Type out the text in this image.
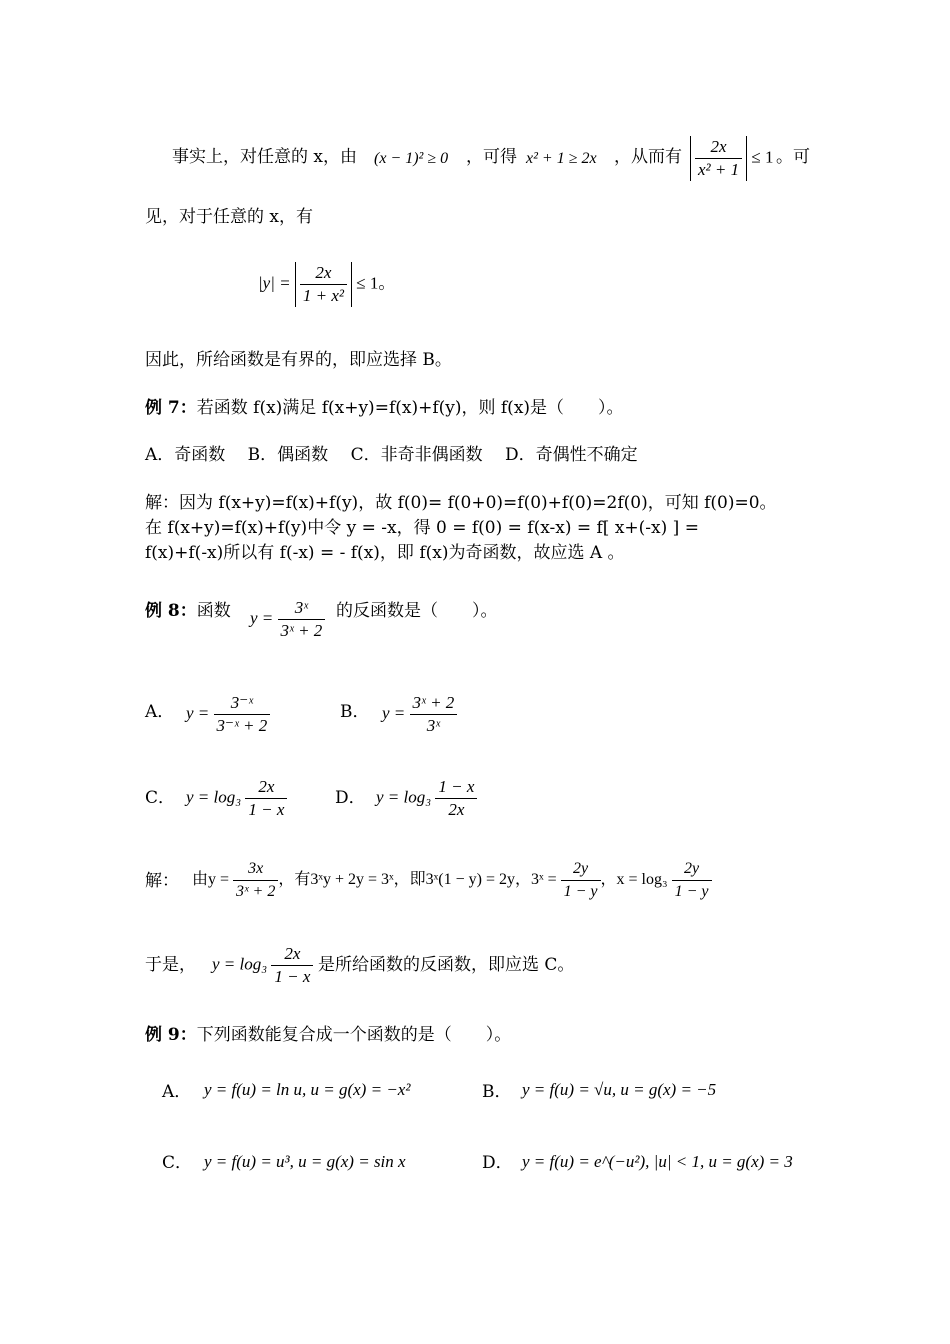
事实上，对任意的 x，由 (x − 1)² ≥ 0 ，可得 x² + 1 ≥ 2x ，从而有 $\frac{2x}{\text{x² + 1}} \le 1$ 。可
见，对于任意的 x，有
$|y| = \frac{2x}{\text{1 + x²}} \le 1$。
因此，所给函数是有界的，即应选择 B。
例 7：若函数 f(x)满足 f(x+y)=f(x)+f(y)，则 f(x)是（　　）。
A．奇函数　 B．偶函数　 C．非奇非偶函数　 D．奇偶性不确定
解：因为 f(x+y)=f(x)+f(y)，故 f(0)= f(0+0)=f(0)+f(0)=2f(0)，可知 f(0)=0。
在 f(x+y)=f(x)+f(y)中令 y = -x，得 0 = f(0) = f(x-x) = f[ x+(-x) ] =
f(x)+f(-x)所以有 f(-x) = - f(x)，即 f(x)为奇函数，故应选 A 。
例 8：函数 $y = \frac{\text{3ˣ}}{\text{3ˣ + 2}}$ 的反函数是（　　）。
A． $y = \frac{\text{3⁻ˣ}}{\text{3⁻ˣ + 2}}$	B． $y = \frac{\text{3ˣ + 2}}{\text{3ˣ}}$
C． $y = \log_3 \frac{2x}{1 - x}$	D． $y = \log_3 \frac{1 - x}{2x}$
解： 由$y = \frac{3x}{\text{3ˣ + 2}}$ ，有3ˣy + 2y = 3ˣ，即3ˣ(1 − y) = 2y，3ˣ = $\frac{2y}{1 - y}$ ，$x = \log_3 \frac{2y}{1 - y}$
于是， $y = \log_3 \frac{2x}{1 - x}$ 是所给函数的反函数，即应选 C。
例 9：下列函数能复合成一个函数的是（　　）。
A． y = f(u) = ln u, u = g(x) = −x²	B． y = f(u) = √u, u = g(x) = −5
C． y = f(u) = u³, u = g(x) = sin x	D． y = f(u) = e^(−u²), |u| < 1, u = g(x) = 3
